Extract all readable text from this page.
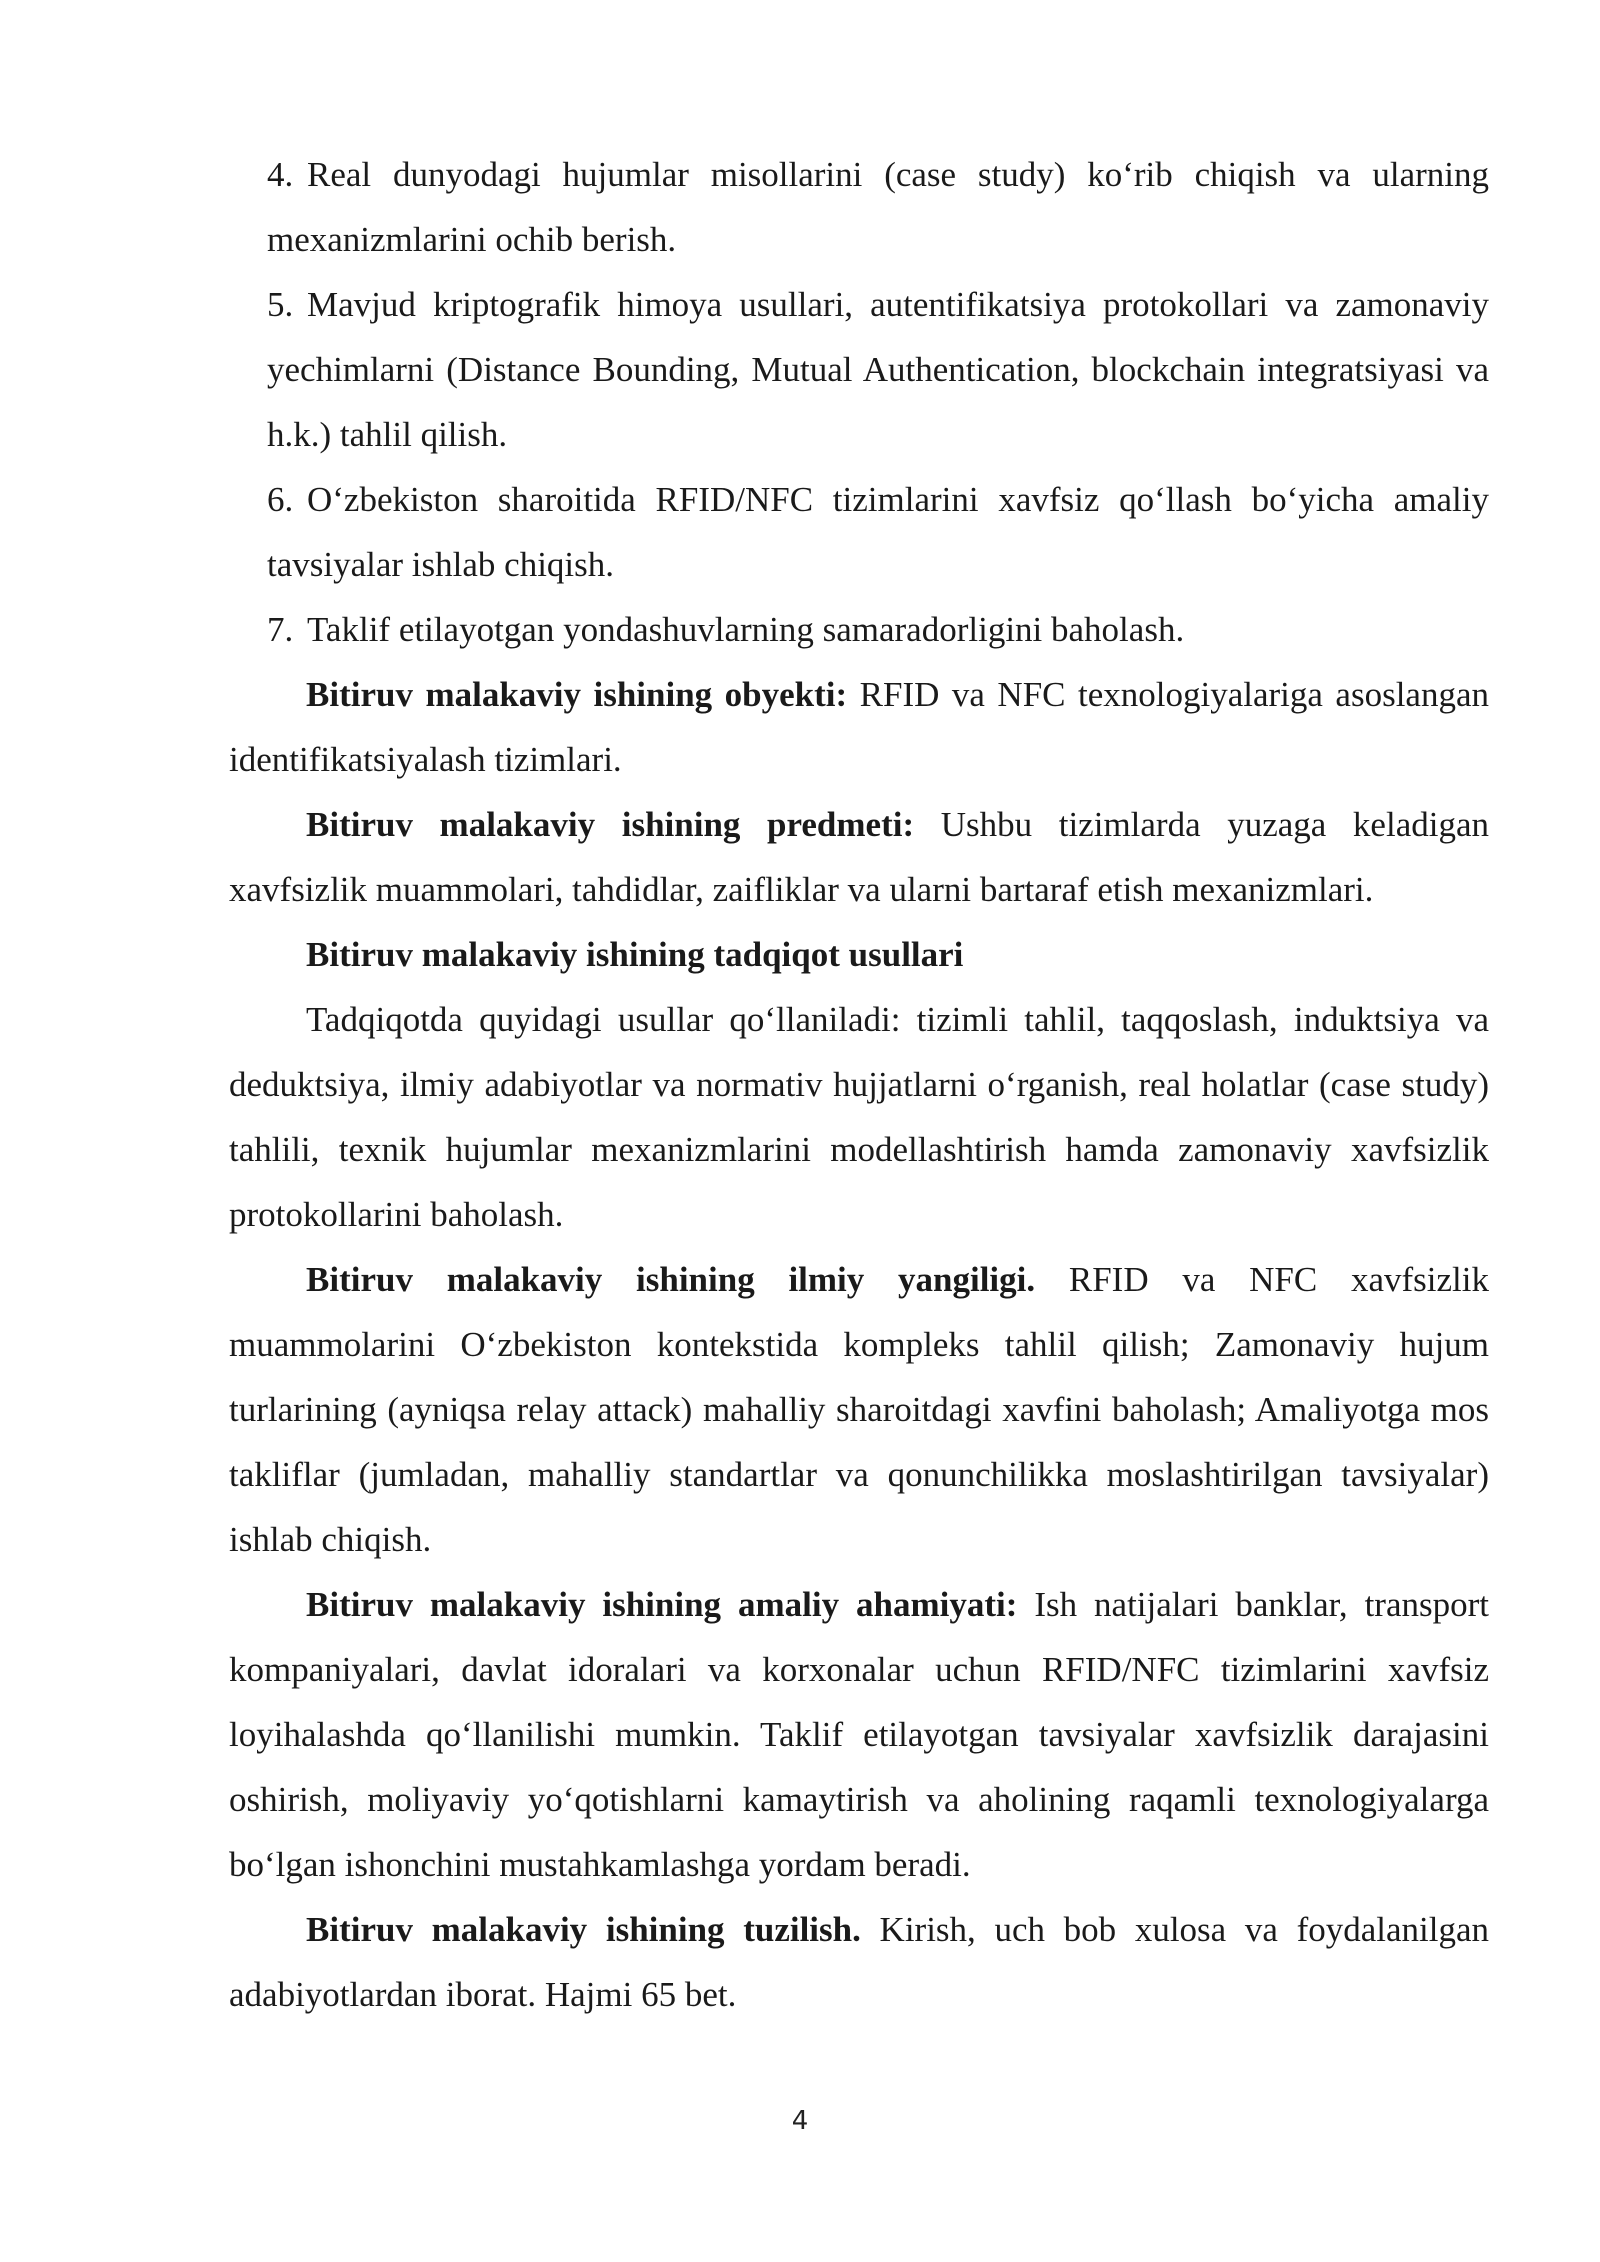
4. Real dunyodagi hujumlar misollarini (case study) ko‘rib chiqish va ularning mexanizmlarini ochib berish.
5. Mavjud kriptografik himoya usullari, autentifikatsiya protokollari va zamonaviy yechimlarni (Distance Bounding, Mutual Authentication, blockchain integratsiyasi va h.k.) tahlil qilish.
6. O‘zbekiston sharoitida RFID/NFC tizimlarini xavfsiz qo‘llash bo‘yicha amaliy tavsiyalar ishlab chiqish.
7. Taklif etilayotgan yondashuvlarning samaradorligini baholash.

Bitiruv malakaviy ishining obyekti: RFID va NFC texnologiyalariga asoslangan identifikatsiyalash tizimlari.

Bitiruv malakaviy ishining predmeti: Ushbu tizimlarda yuzaga keladigan xavfsizlik muammolari, tahdidlar, zaifliklar va ularni bartaraf etish mexanizmlari.

Bitiruv malakaviy ishining tadqiqot usullari

Tadqiqotda quyidagi usullar qo‘llaniladi: tizimli tahlil, taqqoslash, induktsiya va deduktsiya, ilmiy adabiyotlar va normativ hujjatlarni o‘rganish, real holatlar (case study) tahlili, texnik hujumlar mexanizmlarini modellashtirish hamda zamonaviy xavfsizlik protokollarini baholash.

Bitiruv malakaviy ishining ilmiy yangiligi. RFID va NFC xavfsizlik muammolarini O‘zbekiston kontekstida kompleks tahlil qilish; Zamonaviy hujum turlarining (ayniqsa relay attack) mahalliy sharoitdagi xavfini baholash; Amaliyotga mos takliflar (jumladan, mahalliy standartlar va qonunchilikka moslashtirilgan tavsiyalar) ishlab chiqish.

Bitiruv malakaviy ishining amaliy ahamiyati: Ish natijalari banklar, transport kompaniyalari, davlat idoralari va korxonalar uchun RFID/NFC tizimlarini xavfsiz loyihalashda qo‘llanilishi mumkin. Taklif etilayotgan tavsiyalar xavfsizlik darajasini oshirish, moliyaviy yo‘qotishlarni kamaytirish va aholining raqamli texnologiyalarga bo‘lgan ishonchini mustahkamlashga yordam beradi.

Bitiruv malakaviy ishining tuzilish. Kirish, uch bob xulosa va foydalanilgan adabiyotlardan iborat. Hajmi 65 bet.

4
